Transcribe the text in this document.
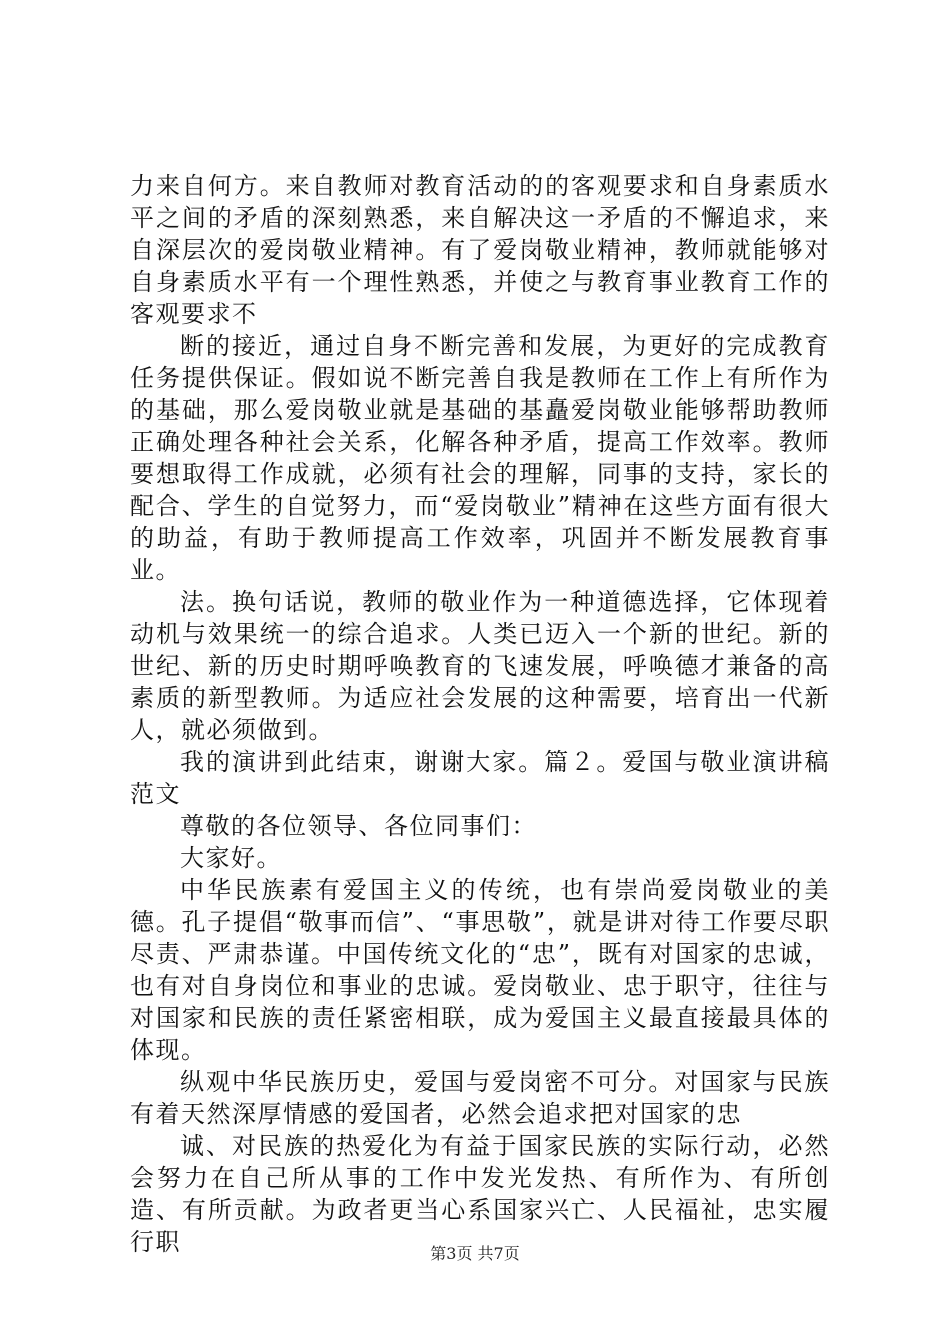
力来自何方。来自教师对教育活动的的客观要求和自身素质水平之间的矛盾的深刻熟悉，来自解决这一矛盾的不懈追求，来自深层次的爱岗敬业精神。有了爱岗敬业精神，教师就能够对自身素质水平有一个理性熟悉，并使之与教育事业教育工作的客观要求不

断的接近，通过自身不断完善和发展，为更好的完成教育任务提供保证。假如说不断完善自我是教师在工作上有所作为的基础，那么爱岗敬业就是基础的基矗爱岗敬业能够帮助教师正确处理各种社会关系，化解各种矛盾，提高工作效率。教师要想取得工作成就，必须有社会的理解，同事的支持，家长的配合、学生的自觉努力，而“爱岗敬业”精神在这些方面有很大的助益，有助于教师提高工作效率，巩固并不断发展教育事业。

法。换句话说，教师的敬业作为一种道德选择，它体现着动机与效果统一的综合追求。人类已迈入一个新的世纪。新的世纪、新的历史时期呼唤教育的飞速发展，呼唤德才兼备的高素质的新型教师。为适应社会发展的这种需要，培育出一代新人，就必须做到。

我的演讲到此结束，谢谢大家。篇２。爱国与敬业演讲稿范文

尊敬的各位领导、各位同事们：

大家好。

中华民族素有爱国主义的传统，也有崇尚爱岗敬业的美德。孔子提倡“敬事而信”、“事思敬”，就是讲对待工作要尽职尽责、严肃恭谨。中国传统文化的“忠”，既有对国家的忠诚，也有对自身岗位和事业的忠诚。爱岗敬业、忠于职守，往往与对国家和民族的责任紧密相联，成为爱国主义最直接最具体的体现。

纵观中华民族历史，爱国与爱岗密不可分。对国家与民族有着天然深厚情感的爱国者，必然会追求把对国家的忠

诚、对民族的热爱化为有益于国家民族的实际行动，必然会努力在自己所从事的工作中发光发热、有所作为、有所创造、有所贡献。为政者更当心系国家兴亡、人民福祉，忠实履行职	第3页 共7页
